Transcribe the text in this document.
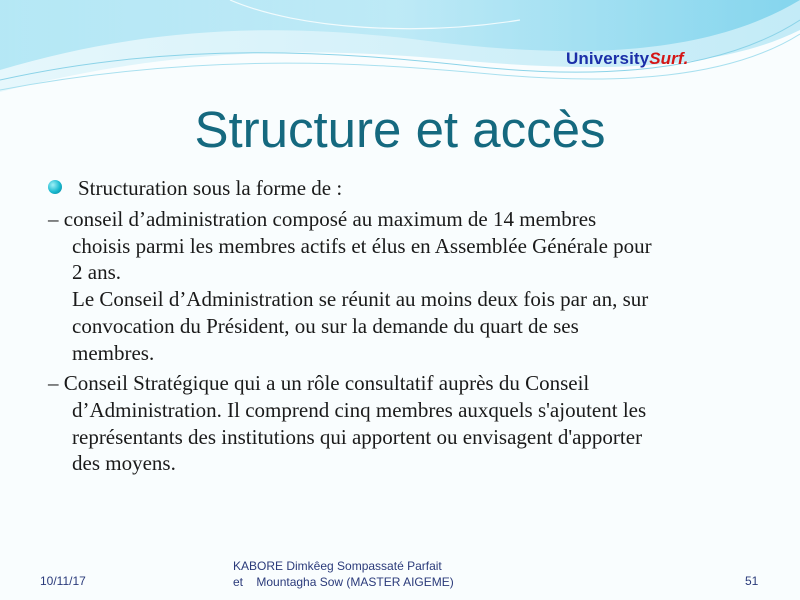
UniversitySurf.
Structure et accès
Structuration sous la forme de :
– conseil d’administration composé au maximum de 14 membres
choisis parmi les membres actifs et élus en Assemblée Générale pour
2 ans.
Le Conseil d’Administration se réunit au moins deux fois par an, sur
convocation du Président, ou sur la demande du quart de ses
membres.
– Conseil Stratégique qui a un rôle consultatif auprès du Conseil
d’Administration. Il comprend cinq membres auxquels s'ajoutent les
représentants des institutions qui apportent ou envisagent d'apporter
des moyens.
10/11/17
KABORE Dimkêeg Sompassaté Parfait
et    Mountagha Sow (MASTER AIGEME)	51
